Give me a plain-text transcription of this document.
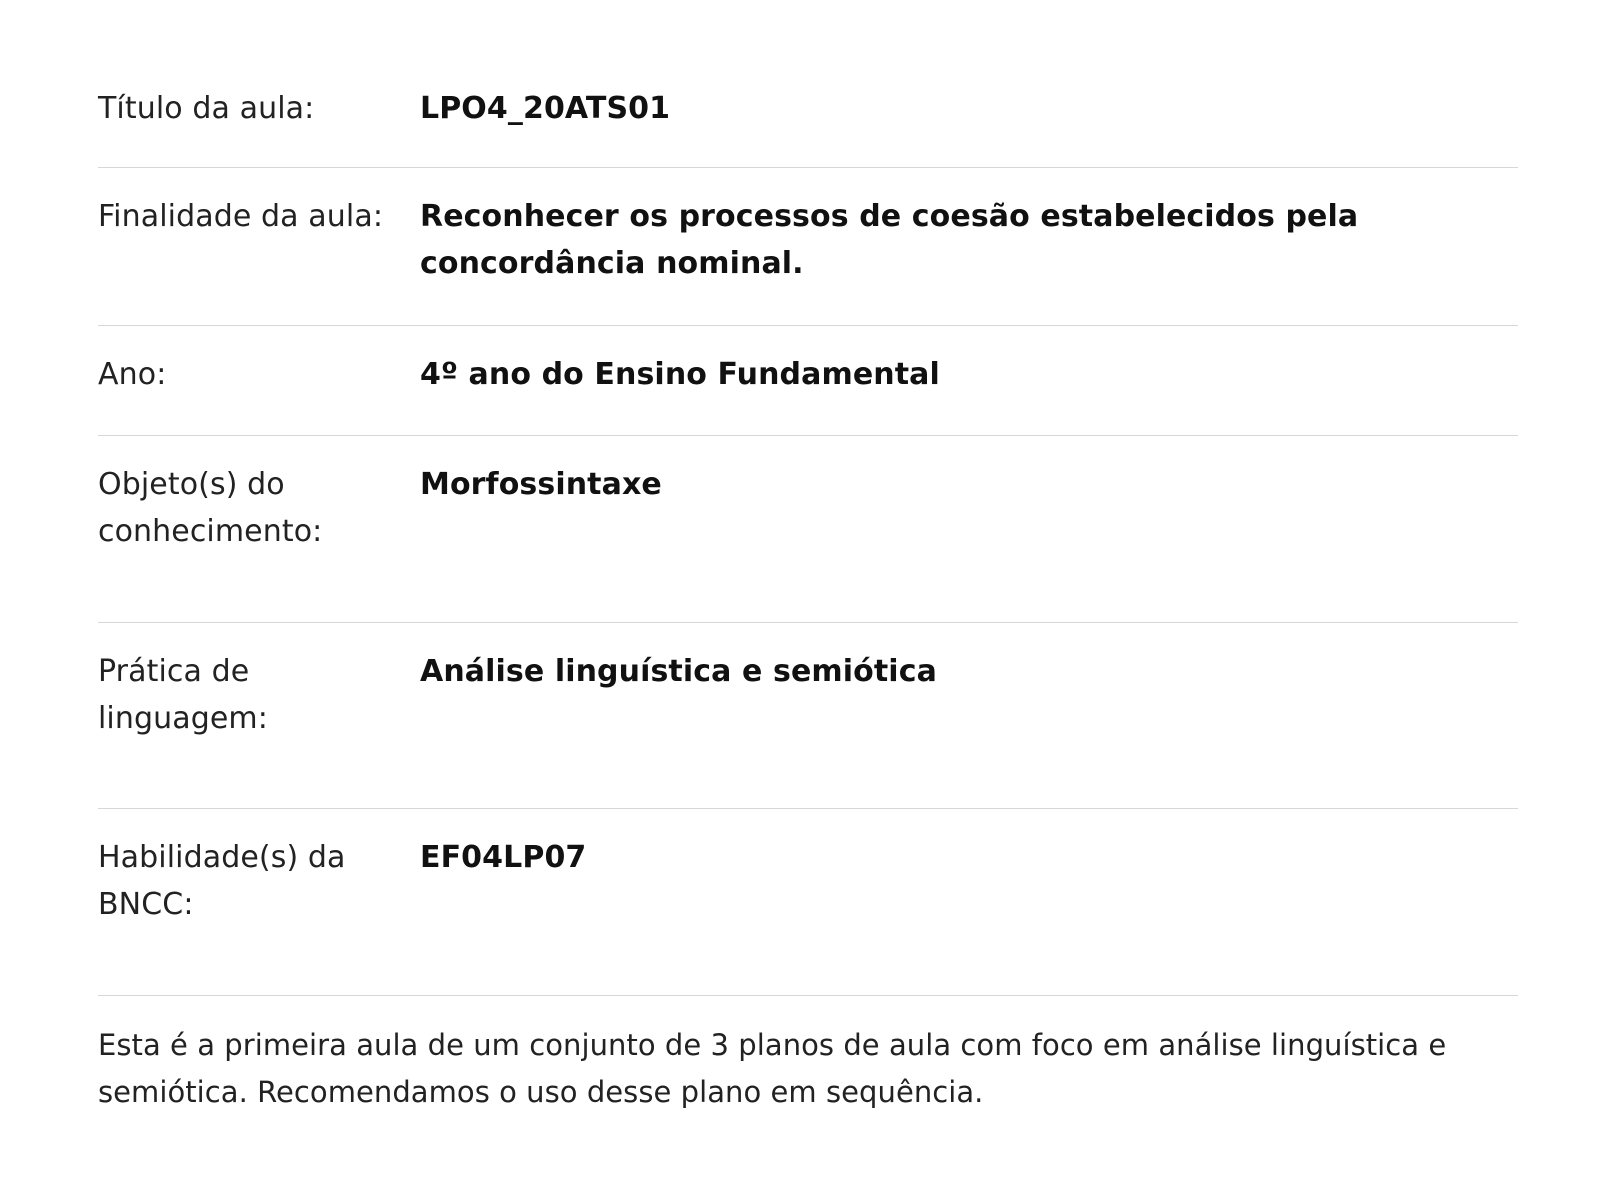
Título da aula:	LPO4_20ATS01
Finalidade da aula:	Reconhecer os processos de coesão estabelecidos pela concordância nominal.
Ano:	4º ano do Ensino Fundamental
Objeto(s) do conhecimento:	Morfossintaxe
Prática de linguagem:	Análise linguística e semiótica
Habilidade(s) da BNCC:	EF04LP07

Esta é a primeira aula de um conjunto de 3 planos de aula com foco em análise linguística e semiótica. Recomendamos o uso desse plano em sequência.
